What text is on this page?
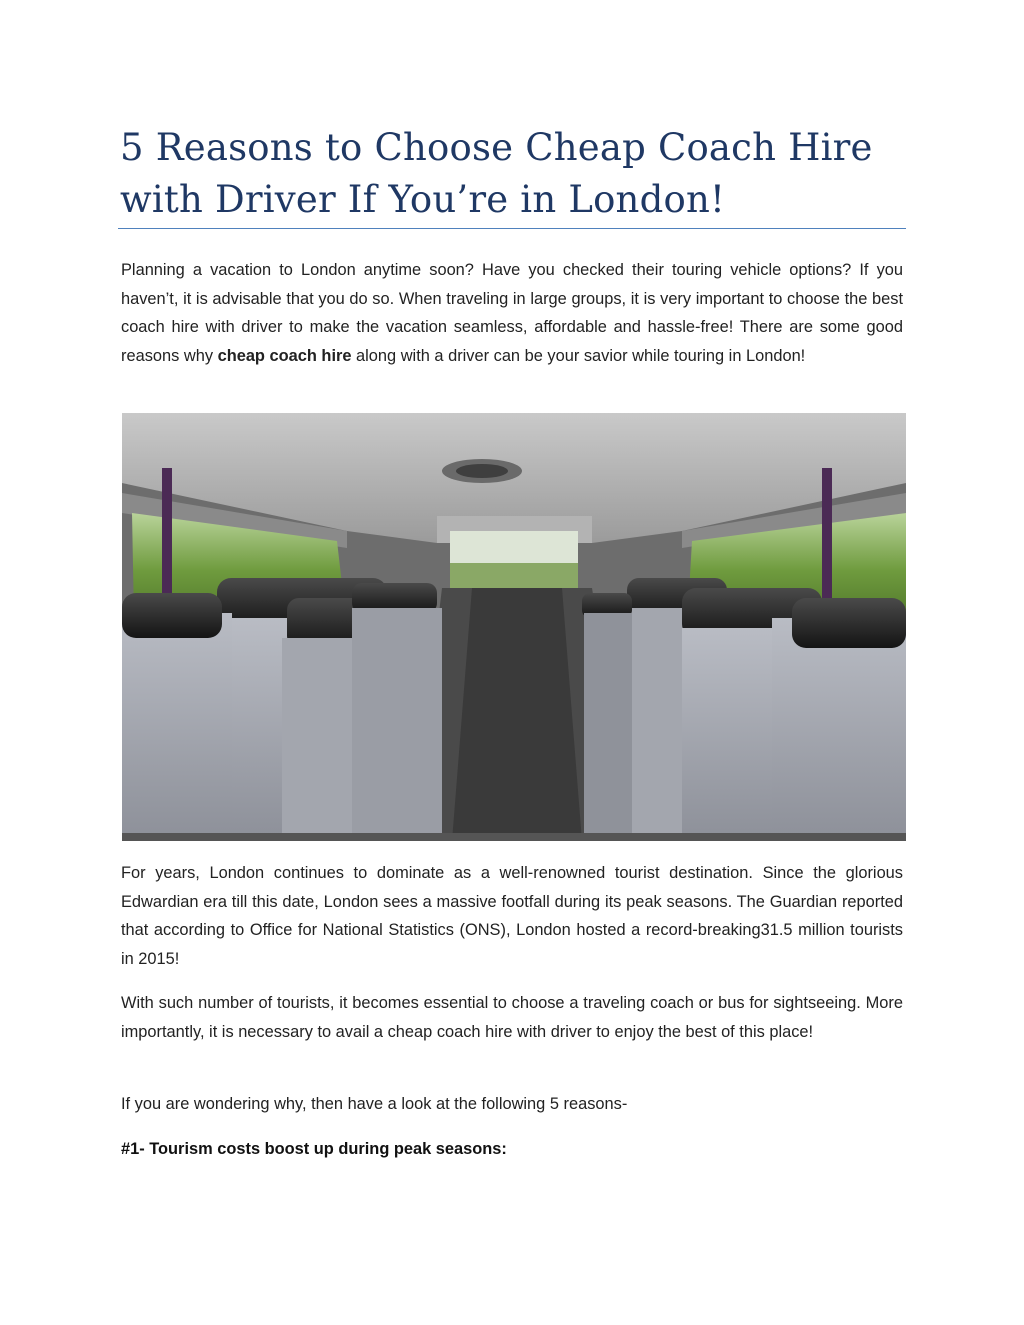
5 Reasons to Choose Cheap Coach Hire with Driver If You’re in London!

Planning a vacation to London anytime soon? Have you checked their touring vehicle options? If you haven’t, it is advisable that you do so. When traveling in large groups, it is very important to choose the best coach hire with driver to make the vacation seamless, affordable and hassle-free! There are some good reasons why cheap coach hire along with a driver can be your savior while touring in London!

For years, London continues to dominate as a well-renowned tourist destination. Since the glorious Edwardian era till this date, London sees a massive footfall during its peak seasons. The Guardian reported that according to Office for National Statistics (ONS), London hosted a record-breaking31.5 million tourists in 2015!

With such number of tourists, it becomes essential to choose a traveling coach or bus for sightseeing. More importantly, it is necessary to avail a cheap coach hire with driver to enjoy the best of this place!

If you are wondering why, then have a look at the following 5 reasons-

#1- Tourism costs boost up during peak seasons:
